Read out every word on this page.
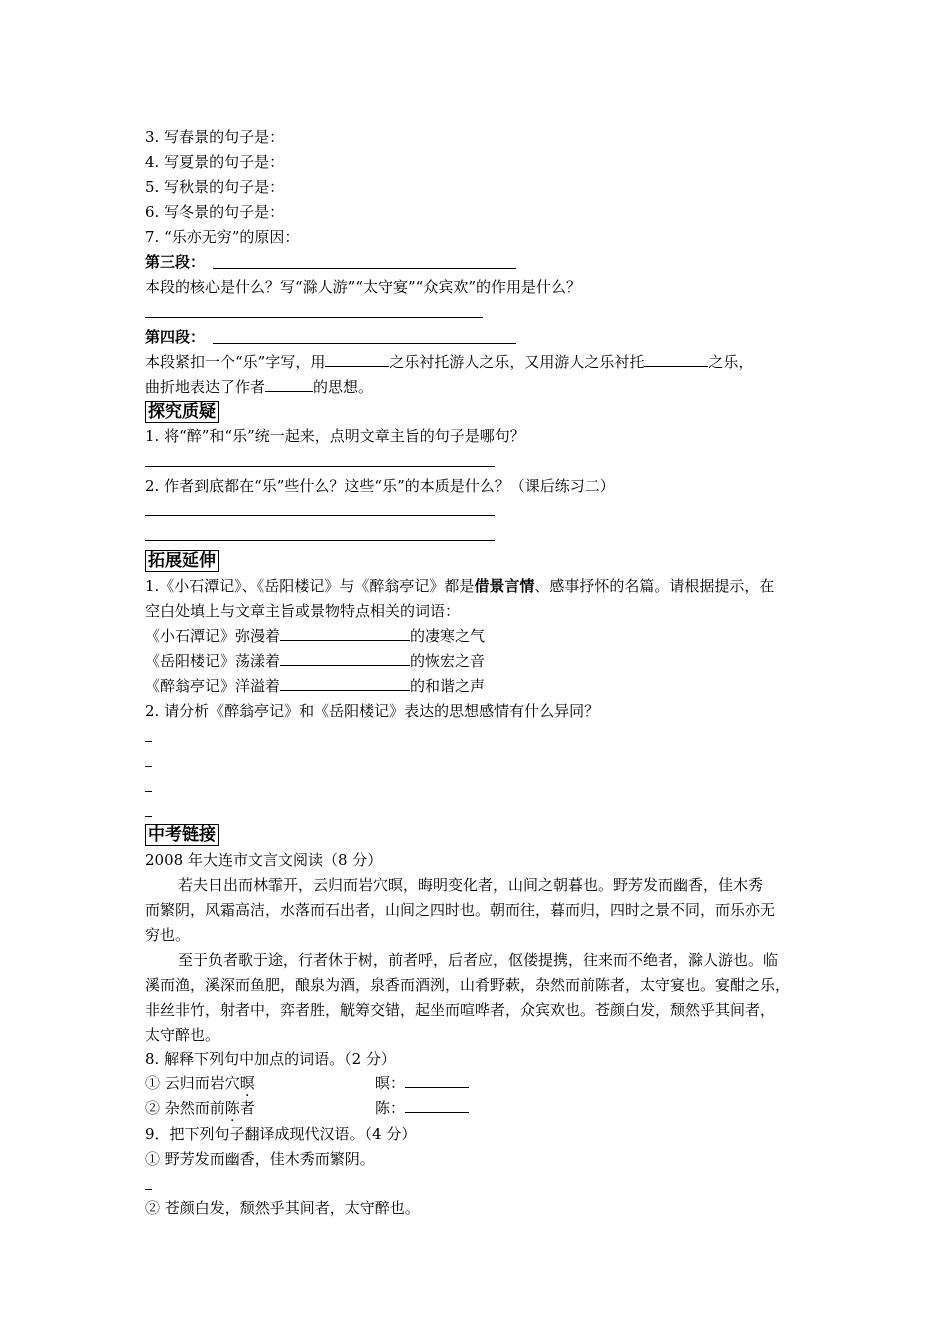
3. 写春景的句子是：
4. 写夏景的句子是：
5. 写秋景的句子是：
6. 写冬景的句子是：
7. “乐亦无穷”的原因：
第三段：
本段的核心是什么？写“滁人游”“太守宴”“众宾欢”的作用是什么？
第四段：
本段紧扣一个“乐”字写，用	之乐衬托游人之乐，又用游人之乐衬托	之乐，
曲折地表达了作者	的思想。
探究质疑
1. 将“醉”和“乐”统一起来，点明文章主旨的句子是哪句？
2. 作者到底都在“乐”些什么？这些“乐”的本质是什么？（课后练习二）
拓展延伸
1.《小石潭记》、《岳阳楼记》与《醉翁亭记》都是借景言情、感事抒怀的名篇。请根据提示，在
空白处填上与文章主旨或景物特点相关的词语：
《小石潭记》弥漫着	的凄寒之气
《岳阳楼记》荡漾着	的恢宏之音
《醉翁亭记》洋溢着	的和谐之声
2. 请分析《醉翁亭记》和《岳阳楼记》表达的思想感情有什么异同？
中考链接
2008 年大连市文言文阅读（8 分）
若夫日出而林霏开，云归而岩穴暝，晦明变化者，山间之朝暮也。野芳发而幽香，佳木秀
而繁阴，风霜高洁，水落而石出者，山间之四时也。朝而往，暮而归，四时之景不同，而乐亦无
穷也。
至于负者歌于途，行者休于树，前者呼，后者应，伛偻提携，往来而不绝者，滁人游也。临
溪而渔，溪深而鱼肥，酿泉为酒，泉香而酒洌，山肴野蔌，杂然而前陈者，太守宴也。宴酣之乐，
非丝非竹，射者中，弈者胜，觥筹交错，起坐而喧哗者，众宾欢也。苍颜白发，颓然乎其间者，
太守醉也。
8. 解释下列句中加点的词语。（2 分）
① 云归而岩穴暝	暝：
② 杂然而前陈者	陈：
9．把下列句子翻译成现代汉语。（4 分）
① 野芳发而幽香，佳木秀而繁阴。
② 苍颜白发，颓然乎其间者，太守醉也。
